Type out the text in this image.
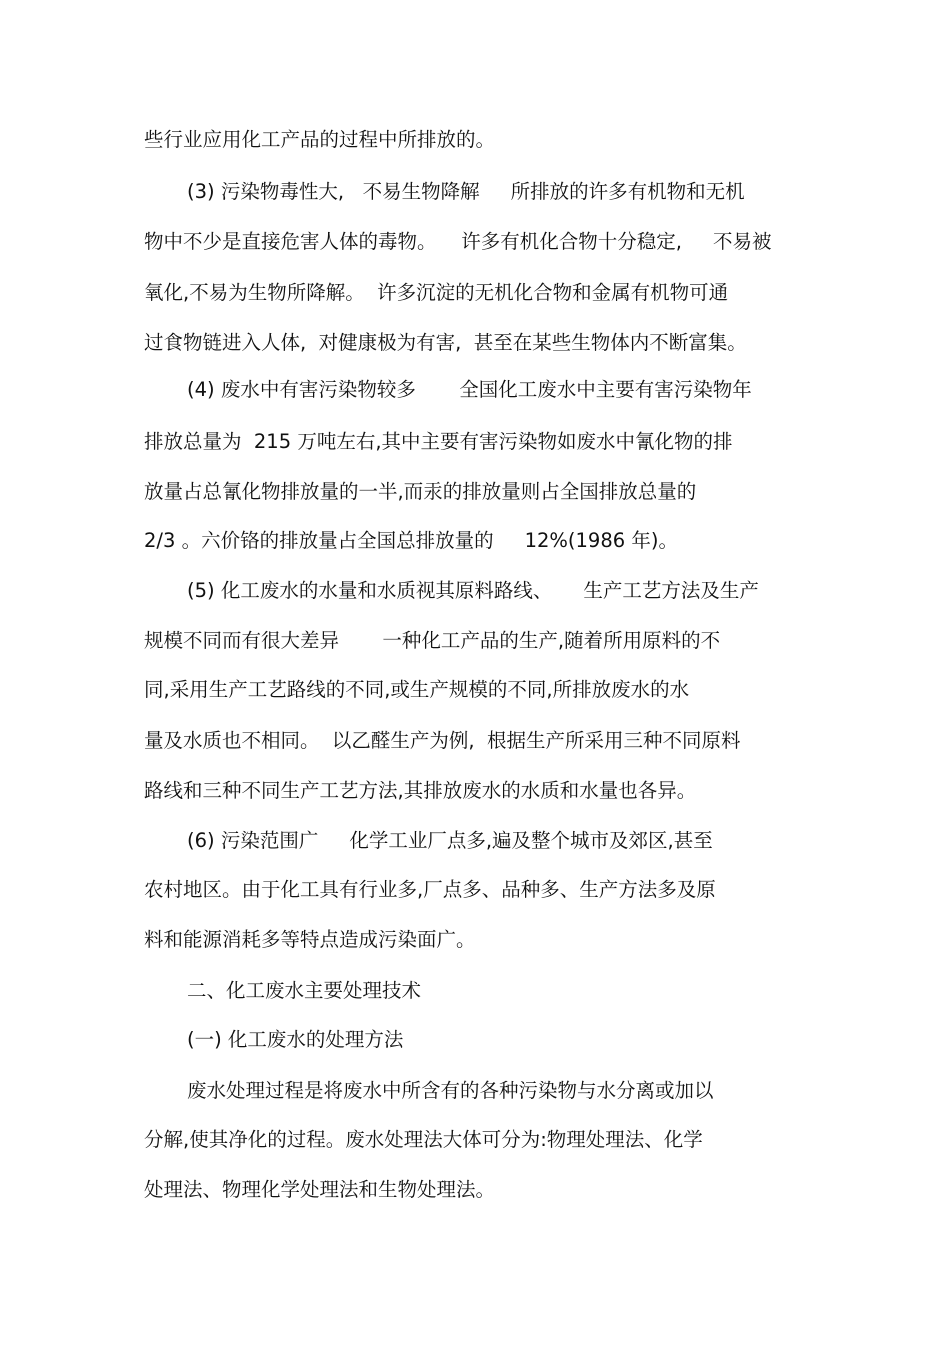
些行业应用化工产品的过程中所排放的。
(3) 污染物毒性大,   不易生物降解     所排放的许多有机物和无机
物中不少是直接危害人体的毒物。    许多有机化合物十分稳定,     不易被
氧化,不易为生物所降解。  许多沉淀的无机化合物和金属有机物可通
过食物链进入人体,  对健康极为有害,  甚至在某些生物体内不断富集。
(4) 废水中有害污染物较多       全国化工废水中主要有害污染物年
排放总量为  215 万吨左右,其中主要有害污染物如废水中氰化物的排
放量占总氰化物排放量的一半,而汞的排放量则占全国排放总量的
2/3 。六价铬的排放量占全国总排放量的     12%(1986 年)。
(5) 化工废水的水量和水质视其原料路线、     生产工艺方法及生产
规模不同而有很大差异       一种化工产品的生产,随着所用原料的不
同,采用生产工艺路线的不同,或生产规模的不同,所排放废水的水
量及水质也不相同。  以乙醛生产为例,  根据生产所采用三种不同原料
路线和三种不同生产工艺方法,其排放废水的水质和水量也各异。
(6) 污染范围广     化学工业厂点多,遍及整个城市及郊区,甚至
农村地区。由于化工具有行业多,厂点多、品种多、生产方法多及原
料和能源消耗多等特点造成污染面广。
二、化工废水主要处理技术
(一) 化工废水的处理方法
废水处理过程是将废水中所含有的各种污染物与水分离或加以
分解,使其净化的过程。废水处理法大体可分为:物理处理法、化学
处理法、物理化学处理法和生物处理法。
